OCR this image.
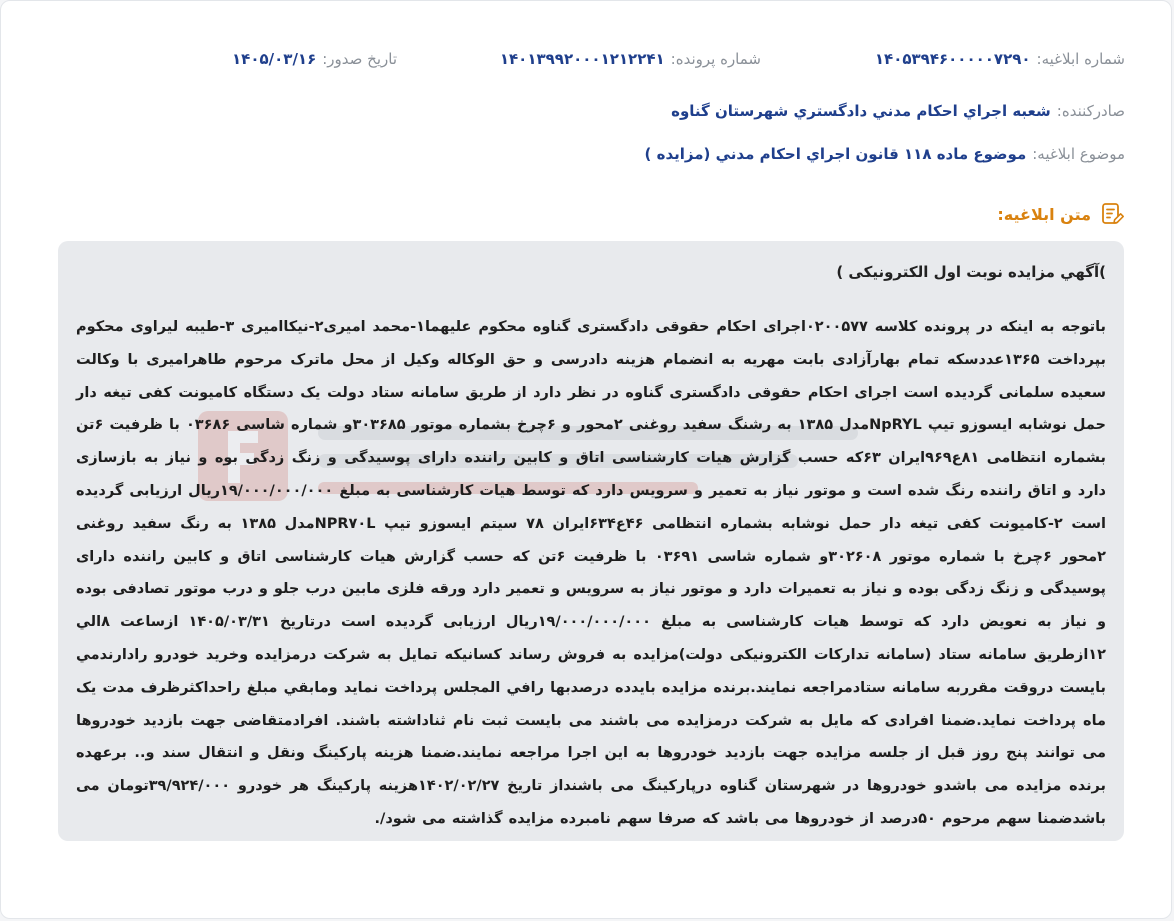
شماره ابلاغيه:
۱۴۰۵۳۹۴۶۰۰۰۰۰۷۲۹۰
شماره پرونده:
۱۴۰۱۳۹۹۲۰۰۰۱۲۱۲۲۴۱
تاريخ صدور:
۱۴۰۵/۰۳/۱۶
صادرکننده:
شعبه اجراي احکام مدني دادگستري شهرستان گناوه
موضوع ابلاغيه:
موضوع ماده ۱۱۸ قانون اجراي احکام مدني (مزايده )
متن ابلاغيه:
)آگهي مزايده نوبت اول الکترونيکی )
باتوجه به اينکه در پرونده کلاسه ۰۲۰۰۵۷۷اجرای احکام حقوقی دادگستری گناوه محکوم عليهما۱-محمد اميری۲-نيکااميری ۳-طيبه ليراوی محکوم بپرداخت ۱۳۶۵عددسکه تمام بهارآزادی بابت مهريه به انضمام هزينه دادرسی و حق الوکاله وکيل از محل ماترک مرحوم طاهراميری با وکالت سعيده سلمانی گرديده است اجرای احکام حقوقی دادگستری گناوه در نظر دارد از طريق سامانه ستاد دولت يک دستگاه کاميونت کفی تيغه دار حمل نوشابه ايسوزو تيپ NpRYLمدل ۱۳۸۵ به رشنگ سفيد روغنی ۲محور و ۶چرخ بشماره موتور ۳۰۳۶۸۵و شماره شاسی ۰۳۶۸۶ با ظرفيت ۶تن بشماره انتظامی ۸۱ع۹۶۹ايران ۶۳که حسب گزارش هيات کارشناسی اتاق و کابين راننده دارای پوسيدگی و زنگ زدگی بوه و نياز به بازسازی دارد و اتاق راننده رنگ شده است و موتور نياز به تعمير و سرويس دارد که توسط هيات کارشناسی به مبلغ ۱۹/۰۰۰/۰۰۰/۰۰۰ريال ارزيابی گرديده است ۲-کاميونت کفی تيغه دار حمل نوشابه بشماره انتظامی ۴۶ع۶۳۴ايران ۷۸ سيتم ايسوزو تيپ NPR۷۰Lمدل ۱۳۸۵ به رنگ سفيد روغنی ۲محور ۶چرخ با شماره موتور ۳۰۲۶۰۸و شماره شاسی ۰۳۶۹۱ با ظرفيت ۶تن که حسب گزارش هيات کارشناسی اتاق و کابين راننده دارای پوسيدگی و زنگ زدگی بوده و نياز به تعميرات دارد و موتور نياز به سرويس و تعمير دارد ورقه فلزی مابين درب جلو و درب موتور تصادفی بوده و نياز به نعويض دارد که توسط هيات کارشناسی به مبلغ ۱۹/۰۰۰/۰۰۰/۰۰۰ريال ارزيابی گرديده است درتاريخ ۱۴۰۵/۰۳/۳۱ ازساعت ۸الي ۱۲ازطريق سامانه ستاد (سامانه تدارکات الکترونيکی دولت)مزايده به فروش رساند کسانيکه تمايل به شرکت درمزايده وخريد خودرو رادارندمي بايست دروقت مقرربه سامانه ستادمراجعه نمايند.برنده مزايده بايدده درصدبها رافي المجلس پرداخت نمايد ومابقي مبلغ راحداکثرظرف مدت يک ماه پرداخت نمايد.ضمنا افرادی که مايل به شرکت درمزايده می باشند می بايست ثبت نام ثناداشته باشند. افرادمتقاضی جهت بازديد خودروها می توانند پنج روز قبل از جلسه مزايده جهت بازديد خودروها به اين اجرا مراجعه نمايند.ضمنا هزينه پارکينگ ونقل و انتقال سند و.. برعهده برنده مزايده می باشدو خودروها در شهرستان گناوه درپارکينگ می باشنداز تاريخ ۱۴۰۲/۰۲/۲۷هزينه پارکينگ هر خودرو ۳۹/۹۲۴/۰۰۰تومان می باشدضمنا سهم مرحوم ۵۰درصد از خودروها می باشد که صرفا سهم نامبرده مزايده گذاشته می شود/.
